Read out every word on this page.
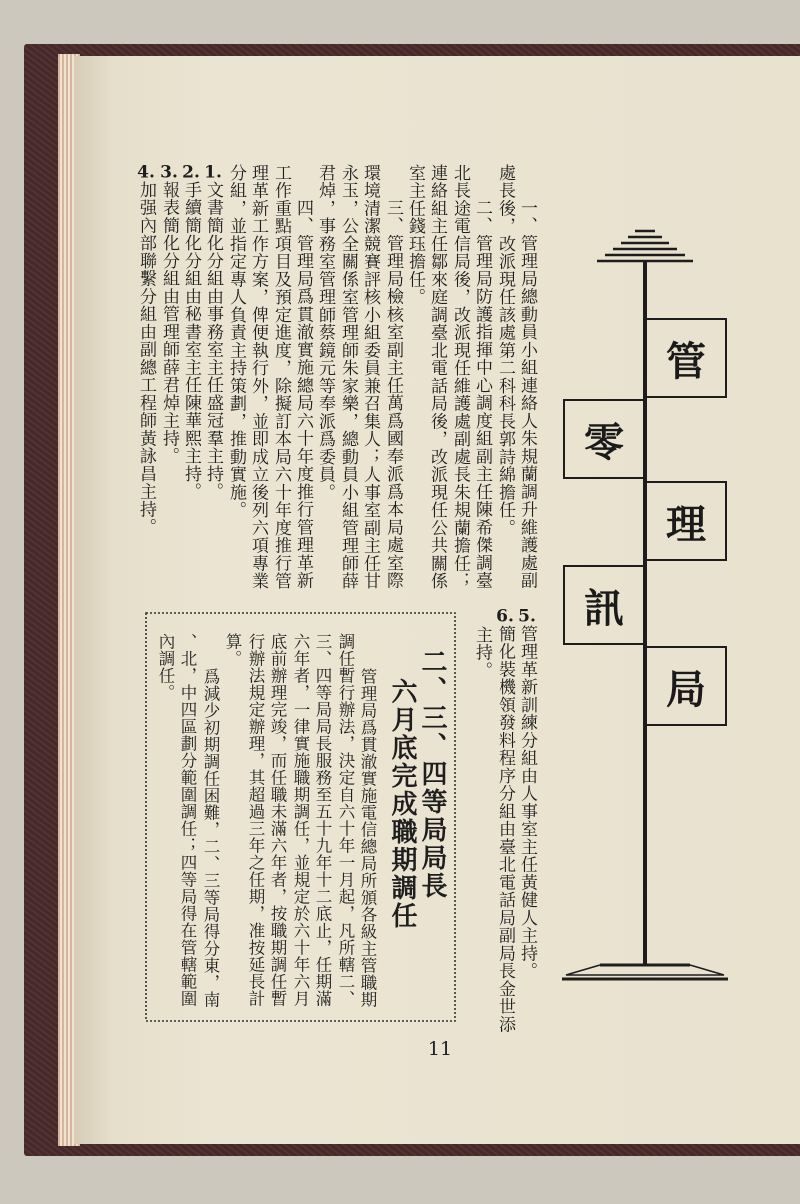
管
零
理
訊
局
一、管理局總動員小組連絡人朱規蘭調升維護處副
處長後，改派現任該處第二科科長郭詩綿擔任。
二、管理局防護指揮中心調度組副主任陳希傑調臺
北長途電信局後，改派現任維護處副處長朱規蘭擔任；
連絡組主任鄒來庭調臺北電話局後，改派現任公共關係
室主任錢珏擔任。
三、管理局檢核室副主任萬爲國奉派爲本局處室際
環境清潔競賽評核小組委員兼召集人；人事室副主任甘
永玉，公全關係室管理師朱家樂，總動員小組管理師薛
君焯，事務室管理師蔡鏡元等奉派爲委員。
四、管理局爲貫澈實施總局六十年度推行管理革新
工作重點項目及預定進度，除擬訂本局六十年度推行管
理革新工作方案，俾便執行外，並即成立後列六項專業
分組，並指定專人負責主持策劃，推動實施。
1.文書簡化分組由事務室主任盛冠羣主持。
2.手續簡化分組由秘書室主任陳華熙主持。
3.報表簡化分組由管理師薛君焯主持。
4.加强內部聯繫分組由副總工程師黃詠昌主持。
5.管理革新訓練分組由人事室主任黃健人主持。
6.簡化裝機領發料程序分組由臺北電話局副局長金世添
主持。
二、三、四等局局長
六月底完成職期調任
管理局爲貫澈實施電信總局所頒各級主管職期
調任暫行辦法，決定自六十年一月起，凡所轄二、
三、四等局局長服務至五十九年十二底止，任期滿
六年者，一律實施職期調任，並規定於六十年六月
底前辦理完竣，而任職未滿六年者，按職期調任暫
行辦法規定辦理，其超過三年之任期，准按延長計
算。
爲減少初期調任困難，二、三等局得分東，南
、北，中四區劃分範圍調任；四等局得在管轄範圍
內調任。
11
